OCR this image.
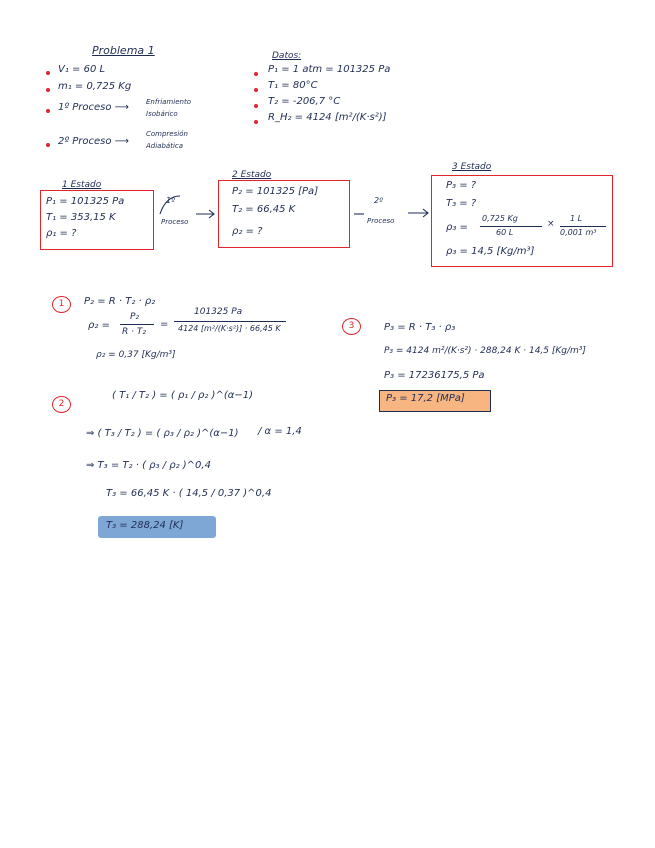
Problema 1
V₁ = 60 L
m₁ = 0,725 Kg
1º Proceso ⟶ Enfriamiento
Isobárico
2º Proceso ⟶
Compresión
Adiabática
Datos:
P₁ = 1 atm = 101325 Pa
T₁ = 80°C
T₂ = -206,7 °C
R_H₂ = 4124 [m²/(K·s²)]
1 Estado
P₁ = 101325 Pa
T₁ = 353,15 K
ρ₁ = ?
1º
Proceso
2 Estado
P₂ = 101325 [Pa]
T₂ = 66,45 K
ρ₂ = ?
2º
Proceso
3 Estado
P₃ = ?
T₃ = ?
ρ₃ =
0,725 Kg
60 L
×
1 L
0,001 m³
ρ₃ = 14,5 [Kg/m³]
1	P₂ = R · T₂ · ρ₂
ρ₂ =
P₂
R · T₂
=
101325 Pa
4124 [m²/(K·s²)] · 66,45 K
ρ₂ = 0,37 [Kg/m³]
2
( T₁ / T₂ ) = ( ρ₁ / ρ₂ )^(α−1)
⇒ ( T₃ / T₂ ) = ( ρ₃ / ρ₂ )^(α−1) / α = 1,4
⇒ T₃ = T₂ · ( ρ₃ / ρ₂ )^0,4
T₃ = 66,45 K · ( 14,5 / 0,37 )^0,4
T₃ = 288,24 [K]
3	P₃ = R · T₃ · ρ₃
P₃ = 4124 m²/(K·s²) · 288,24 K · 14,5 [Kg/m³]
P₃ = 17236175,5 Pa
P₃ = 17,2 [MPa]
